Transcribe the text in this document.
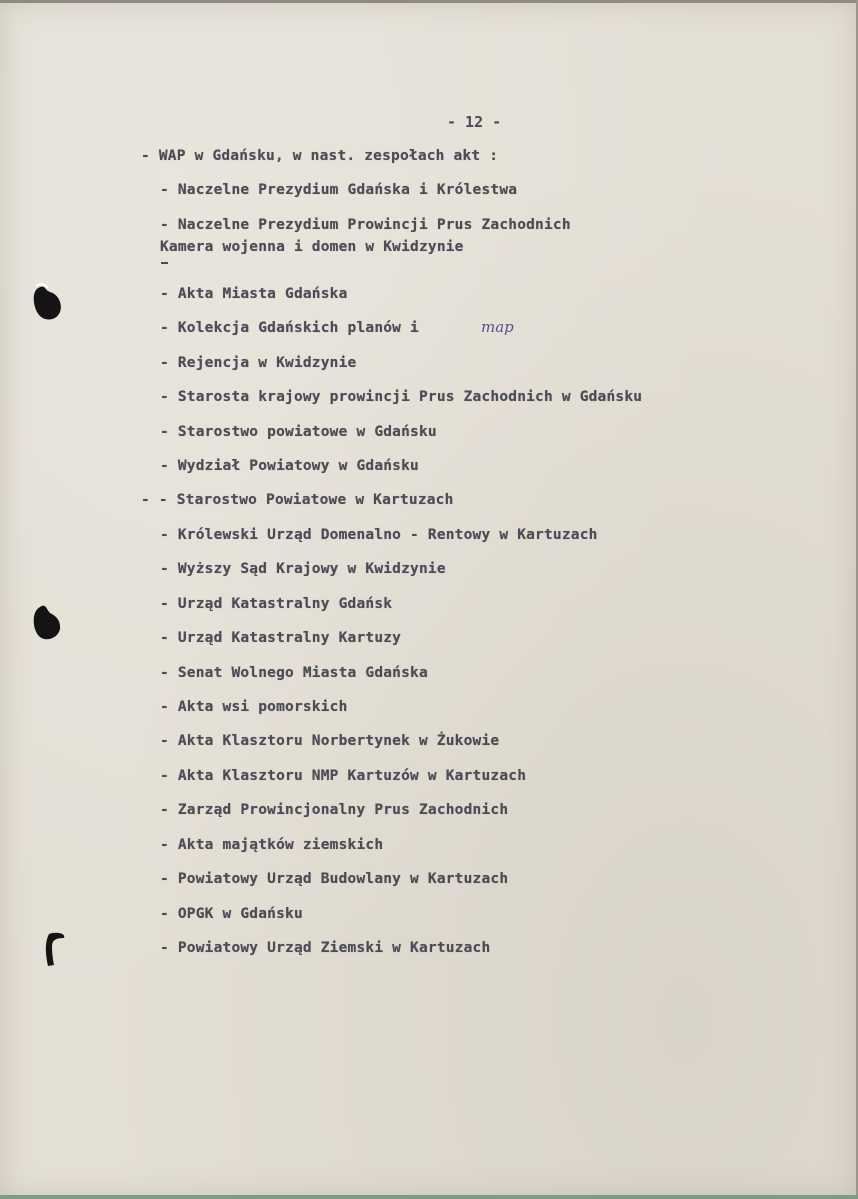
- 12 -
- WAP w Gdańsku, w nast. zespołach akt :
- Naczelne Prezydium Gdańska i Królestwa
- Naczelne Prezydium Prowincji Prus Zachodnich
Kamera wojenna i domen w Kwidzynie
- Akta Miasta Gdańska
- Kolekcja Gdańskich planów i	map
- Rejencja w Kwidzynie
- Starosta krajowy prowincji Prus Zachodnich w Gdańsku
- Starostwo powiatowe w Gdańsku
- Wydział Powiatowy w Gdańsku
- - Starostwo Powiatowe w Kartuzach
- Królewski Urząd Domenalno - Rentowy w Kartuzach
- Wyższy Sąd Krajowy w Kwidzynie
- Urząd Katastralny Gdańsk
- Urząd Katastralny Kartuzy
- Senat Wolnego Miasta Gdańska
- Akta wsi pomorskich
- Akta Klasztoru Norbertynek w Żukowie
- Akta Klasztoru NMP Kartuzów w Kartuzach
- Zarząd Prowincjonalny Prus Zachodnich
- Akta majątków ziemskich
- Powiatowy Urząd Budowlany w Kartuzach
- OPGK w Gdańsku
- Powiatowy Urząd Ziemski w Kartuzach
